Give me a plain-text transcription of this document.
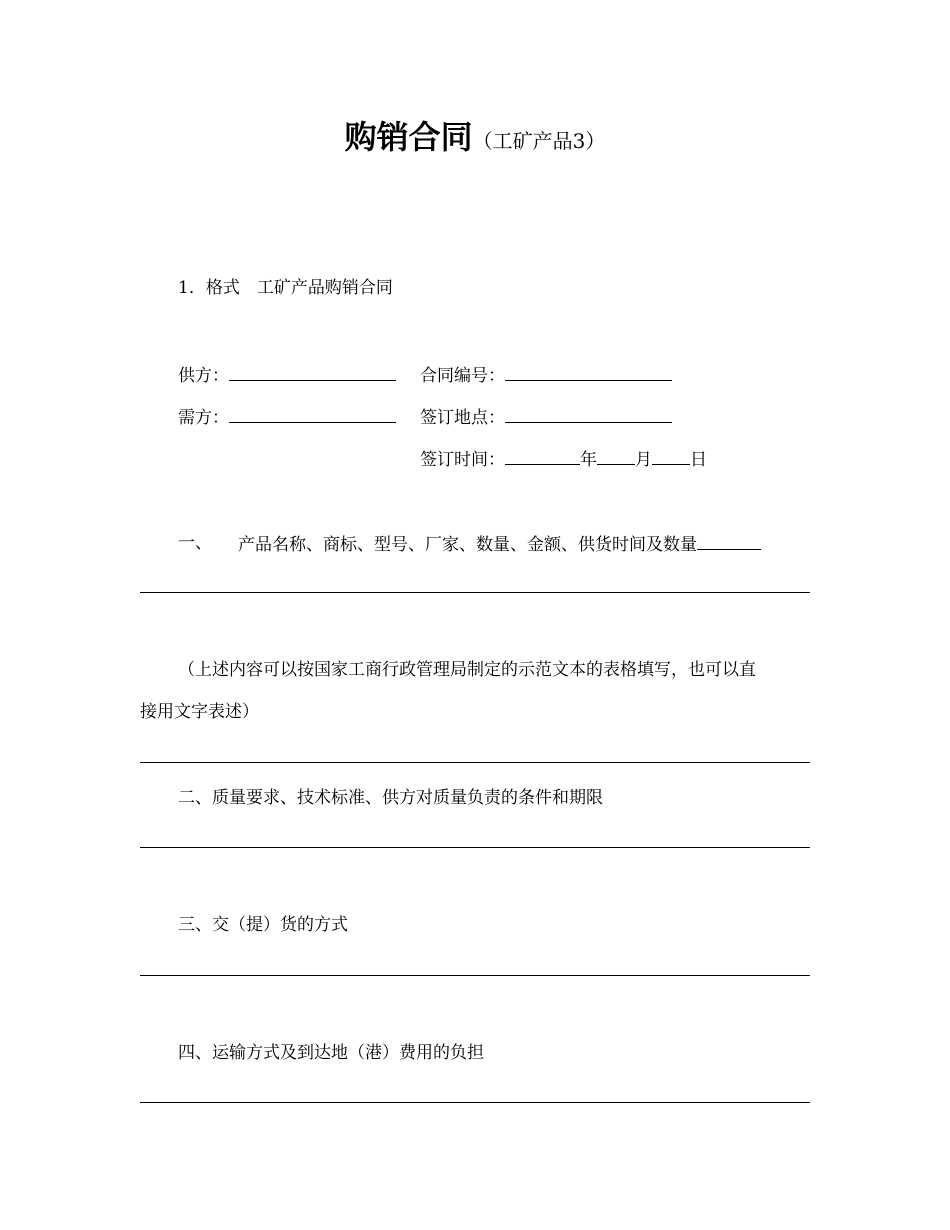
购销合同（工矿产品3）
1．格式　工矿产品购销合同
供方：	合同编号：
需方：	签订地点：
签订时间：	年 月 日
一、 产品名称、商标、型号、厂家、数量、金额、供货时间及数量
（上述内容可以按国家工商行政管理局制定的示范文本的表格填写，也可以直
接用文字表述）
二、质量要求、技术标准、供方对质量负责的条件和期限
三、交（提）货的方式
四、运输方式及到达地（港）费用的负担
